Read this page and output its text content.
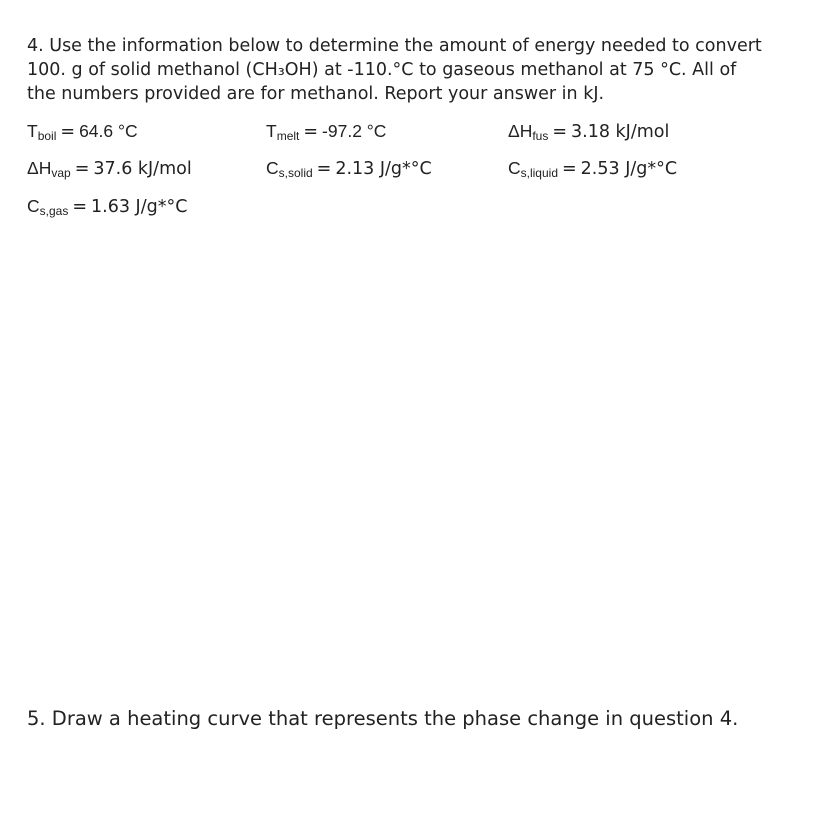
4. Use the information below to determine the amount of energy needed to convert

100. g of solid methanol (CH₃OH) at -110.°C to gaseous methanol at 75 °C. All of

the numbers provided are for methanol. Report your answer in kJ.

$T_{boil} = 64.6$ °C	$T_{melt} = -97.2$ °C	$\Delta H_{fus} = 3.18$ kJ/mol
$\Delta H_{vap} = 37.6$ kJ/mol	$C_{s,solid} = 2.13$ J/g*°C	$C_{s,liquid} = 2.53$ J/g*°C
$C_{s,gas} = 1.63$ J/g*°C

5. Draw a heating curve that represents the phase change in question 4.
